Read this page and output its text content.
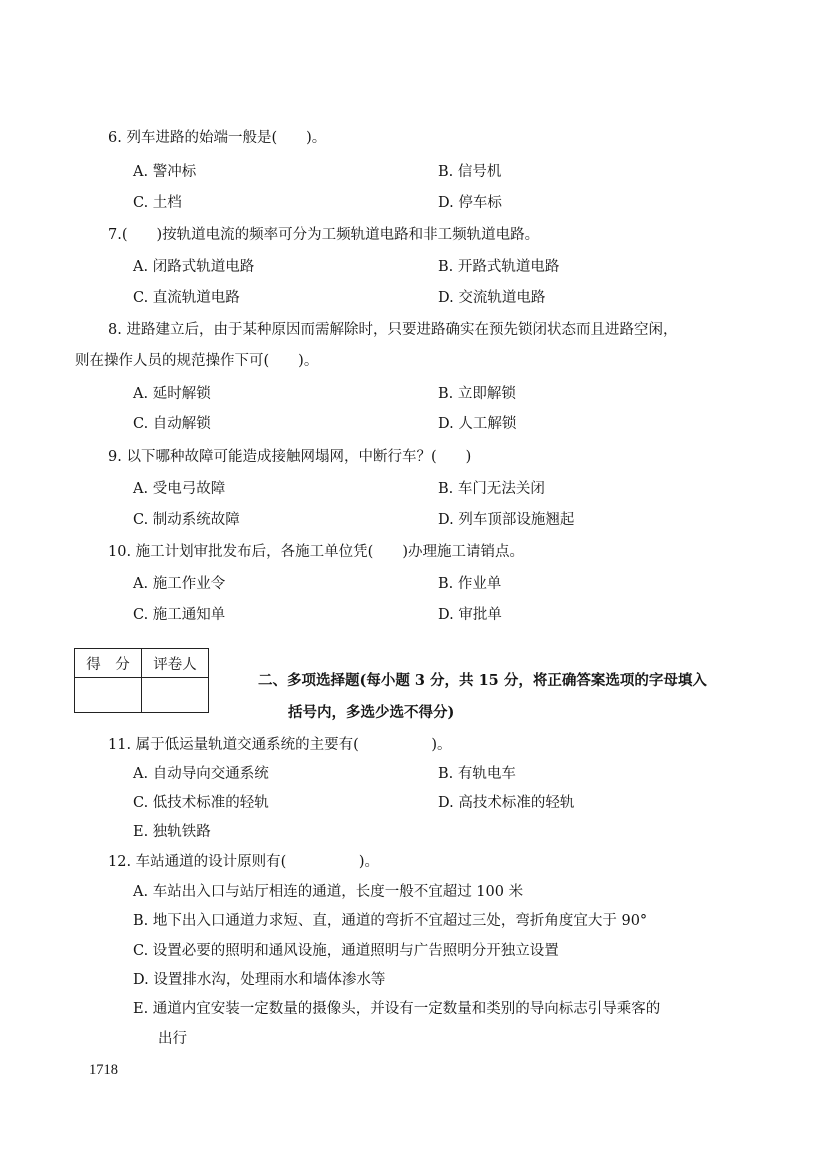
6. 列车进路的始端一般是(　　)。
A. 警冲标	B. 信号机
C. 土档	D. 停车标
7.(　　)按轨道电流的频率可分为工频轨道电路和非工频轨道电路。
A. 闭路式轨道电路	B. 开路式轨道电路
C. 直流轨道电路	D. 交流轨道电路
8. 进路建立后，由于某种原因而需解除时，只要进路确实在预先锁闭状态而且进路空闲，
则在操作人员的规范操作下可(　　)。
A. 延时解锁	B. 立即解锁
C. 自动解锁	D. 人工解锁
9. 以下哪种故障可能造成接触网塌网，中断行车？(　　)
A. 受电弓故障	B. 车门无法关闭
C. 制动系统故障	D. 列车顶部设施翘起
10. 施工计划审批发布后，各施工单位凭(　　)办理施工请销点。
A. 施工作业令	B. 作业单
C. 施工通知单	D. 审批单
得　分	评卷人

二、多项选择题(每小题 3 分，共 15 分，将正确答案选项的字母填入
括号内，多选少选不得分)
11. 属于低运量轨道交通系统的主要有(　　　　　)。
A. 自动导向交通系统	B. 有轨电车
C. 低技术标准的轻轨	D. 高技术标准的轻轨
E. 独轨铁路
12. 车站通道的设计原则有(　　　　　)。
A. 车站出入口与站厅相连的通道，长度一般不宜超过 100 米
B. 地下出入口通道力求短、直，通道的弯折不宜超过三处，弯折角度宜大于 90°
C. 设置必要的照明和通风设施，通道照明与广告照明分开独立设置
D. 设置排水沟，处理雨水和墙体渗水等
E. 通道内宜安装一定数量的摄像头，并设有一定数量和类别的导向标志引导乘客的
出行
1718
